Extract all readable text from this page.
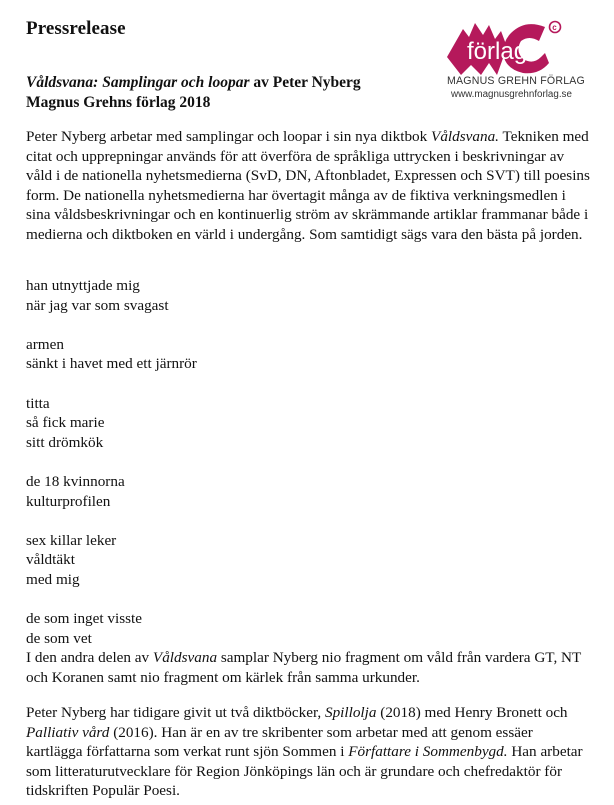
Pressrelease
Våldsvana: Samplingar och loopar av Peter Nyberg
Magnus Grehns förlag 2018
förlag.
c
MAGNUS GREHN FÖRLAG
www.magnusgrehnforlag.se
Peter Nyberg arbetar med samplingar och loopar i sin nya diktbok Våldsvana. Tekniken med citat och upprepningar används för att överföra de språkliga uttrycken i beskrivningar av våld i de nationella nyhetsmedierna (SvD, DN, Aftonbladet, Expressen och SVT) till poesins form. De nationella nyhetsmedierna har övertagit många av de fiktiva verkningsmedlen i sina våldsbeskrivningar och en kontinuerlig ström av skrämmande artiklar frammanar både i medierna och diktboken en värld i undergång. Som samtidigt sägs vara den bästa på jorden.
han utnyttjade mig
när jag var som svagast
armen
sänkt i havet med ett järnrör
titta
så fick marie
sitt drömkök
de 18 kvinnorna
kulturprofilen
sex killar leker
våldtäkt
med mig
de som inget visste
de som vet
I den andra delen av Våldsvana samplar Nyberg nio fragment om våld från vardera GT, NT och Koranen samt nio fragment om kärlek från samma urkunder.
Peter Nyberg har tidigare givit ut två diktböcker, Spillolja (2018) med Henry Bronett och Palliativ vård (2016). Han är en av tre skribenter som arbetar med att genom essäer kartlägga författarna som verkat runt sjön Sommen i Författare i Sommenbygd. Han arbetar som litteraturutvecklare för Region Jönköpings län och är grundare och chefredaktör för tidskriften Populär Poesi.
